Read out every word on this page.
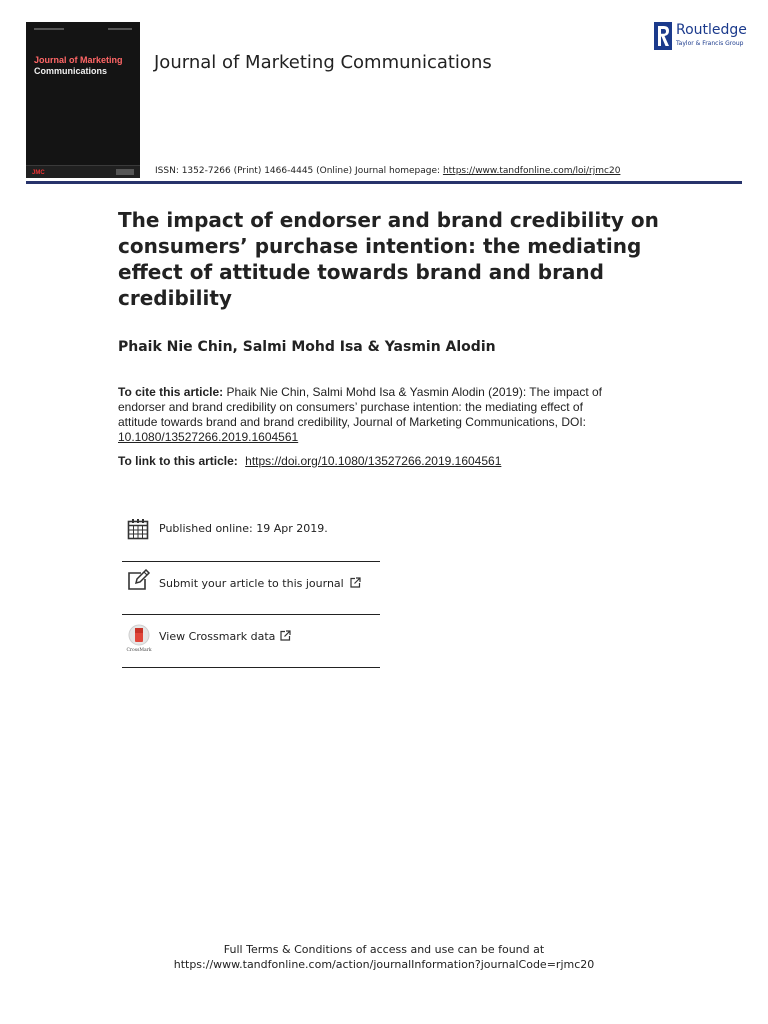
Journal of Marketing
Communications
JMC
Journal of Marketing Communications
ISSN: 1352-7266 (Print) 1466-4445 (Online) Journal homepage: https://www.tandfonline.com/loi/rjmc20
Routledge
Taylor & Francis Group
The impact of endorser and brand credibility on consumers’ purchase intention: the mediating effect of attitude towards brand and brand credibility
Phaik Nie Chin, Salmi Mohd Isa & Yasmin Alodin
To cite this article: Phaik Nie Chin, Salmi Mohd Isa & Yasmin Alodin (2019): The impact of endorser and brand credibility on consumers’ purchase intention: the mediating effect of attitude towards brand and brand credibility, Journal of Marketing Communications, DOI: 10.1080/13527266.2019.1604561
To link to this article: https://doi.org/10.1080/13527266.2019.1604561
Published online: 19 Apr 2019.
Submit your article to this journal
CrossMark
View Crossmark data
Full Terms & Conditions of access and use can be found at
https://www.tandfonline.com/action/journalInformation?journalCode=rjmc20
